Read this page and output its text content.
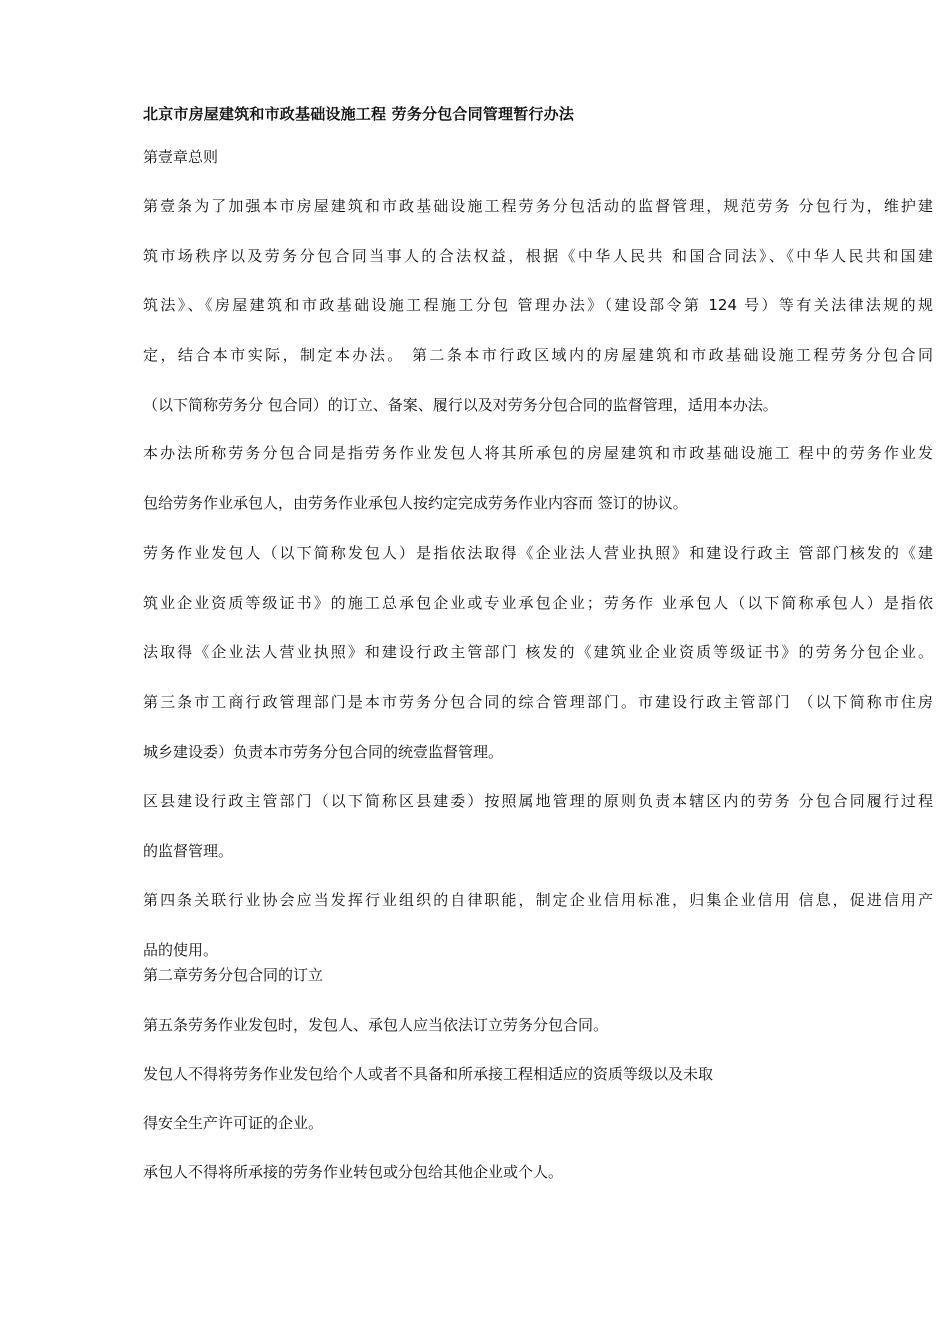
北京市房屋建筑和市政基础设施工程 劳务分包合同管理暂行办法
第壹章总则
第壹条为了加强本市房屋建筑和市政基础设施工程劳务分包活动的监督管理，规范劳务 分包行为，维护建
筑市场秩序以及劳务分包合同当事人的合法权益，根据《中华人民共 和国合同法》、《中华人民共和国建
筑法》、《房屋建筑和市政基础设施工程施工分包 管理办法》（建设部令第 124 号）等有关法律法规的规
定，结合本市实际，制定本办法。 第二条本市行政区域内的房屋建筑和市政基础设施工程劳务分包合同
（以下简称劳务分 包合同）的订立、备案、履行以及对劳务分包合同的监督管理，适用本办法。
本办法所称劳务分包合同是指劳务作业发包人将其所承包的房屋建筑和市政基础设施工 程中的劳务作业发
包给劳务作业承包人，由劳务作业承包人按约定完成劳务作业内容而 签订的协议。
劳务作业发包人（以下简称发包人）是指依法取得《企业法人营业执照》和建设行政主 管部门核发的《建
筑业企业资质等级证书》的施工总承包企业或专业承包企业；劳务作 业承包人（以下简称承包人）是指依
法取得《企业法人营业执照》和建设行政主管部门 核发的《建筑业企业资质等级证书》的劳务分包企业。
第三条市工商行政管理部门是本市劳务分包合同的综合管理部门。市建设行政主管部门 （以下简称市住房
城乡建设委）负责本市劳务分包合同的统壹监督管理。
区县建设行政主管部门（以下简称区县建委）按照属地管理的原则负责本辖区内的劳务 分包合同履行过程
的监督管理。
第四条关联行业协会应当发挥行业组织的自律职能，制定企业信用标准，归集企业信用 信息，促进信用产
品的使用。
第二章劳务分包合同的订立
第五条劳务作业发包时，发包人、承包人应当依法订立劳务分包合同。
发包人不得将劳务作业发包给个人或者不具备和所承接工程相适应的资质等级以及未取
得安全生产许可证的企业。
承包人不得将所承接的劳务作业转包或分包给其他企业或个人。
